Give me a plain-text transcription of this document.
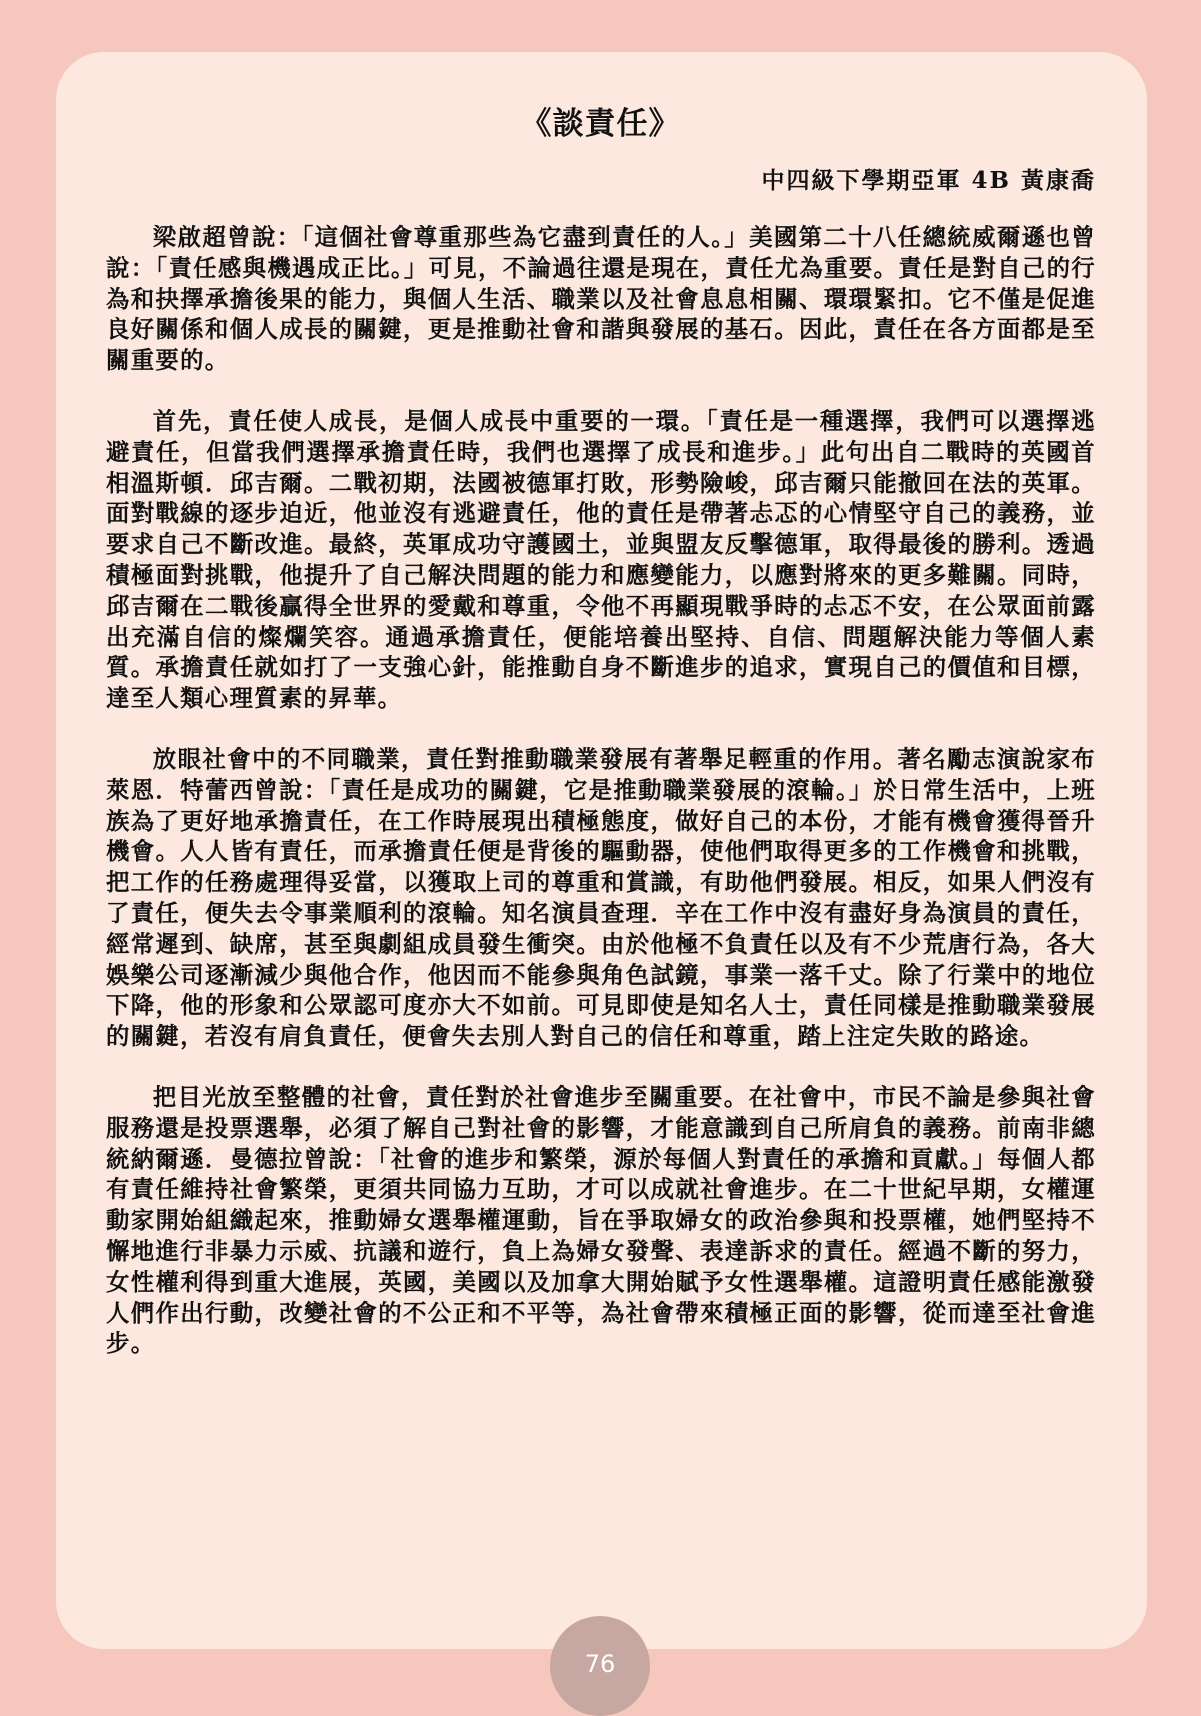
《談責任》
中四級下學期亞軍 4B 黃康喬

梁啟超曾說：「這個社會尊重那些為它盡到責任的人。」美國第二十八任總統威爾遜也曾說：「責任感與機遇成正比。」可見，不論過往還是現在，責任尤為重要。責任是對自己的行為和抉擇承擔後果的能力，與個人生活、職業以及社會息息相關、環環緊扣。它不僅是促進良好關係和個人成長的關鍵，更是推動社會和諧與發展的基石。因此，責任在各方面都是至關重要的。

首先，責任使人成長，是個人成長中重要的一環。「責任是一種選擇，我們可以選擇逃避責任，但當我們選擇承擔責任時，我們也選擇了成長和進步。」此句出自二戰時的英國首相溫斯頓．邱吉爾。二戰初期，法國被德軍打敗，形勢險峻，邱吉爾只能撤回在法的英軍。面對戰線的逐步迫近，他並沒有逃避責任，他的責任是帶著忐忑的心情堅守自己的義務，並要求自己不斷改進。最終，英軍成功守護國土，並與盟友反擊德軍，取得最後的勝利。透過積極面對挑戰，他提升了自己解決問題的能力和應變能力，以應對將來的更多難關。同時，邱吉爾在二戰後贏得全世界的愛戴和尊重，令他不再顯現戰爭時的忐忑不安，在公眾面前露出充滿自信的燦爛笑容。通過承擔責任，便能培養出堅持、自信、問題解決能力等個人素質。承擔責任就如打了一支強心針，能推動自身不斷進步的追求，實現自己的價值和目標，達至人類心理質素的昇華。

放眼社會中的不同職業，責任對推動職業發展有著舉足輕重的作用。著名勵志演說家布萊恩．特蕾西曾說：「責任是成功的關鍵，它是推動職業發展的滾輪。」於日常生活中，上班族為了更好地承擔責任，在工作時展現出積極態度，做好自己的本份，才能有機會獲得晉升機會。人人皆有責任，而承擔責任便是背後的驅動器，使他們取得更多的工作機會和挑戰，把工作的任務處理得妥當，以獲取上司的尊重和賞識，有助他們發展。相反，如果人們沒有了責任，便失去令事業順利的滾輪。知名演員查理．辛在工作中沒有盡好身為演員的責任，經常遲到、缺席，甚至與劇組成員發生衝突。由於他極不負責任以及有不少荒唐行為，各大娛樂公司逐漸減少與他合作，他因而不能參與角色試鏡，事業一落千丈。除了行業中的地位下降，他的形象和公眾認可度亦大不如前。可見即使是知名人士，責任同樣是推動職業發展的關鍵，若沒有肩負責任，便會失去別人對自己的信任和尊重，踏上注定失敗的路途。

把目光放至整體的社會，責任對於社會進步至關重要。在社會中，市民不論是參與社會服務還是投票選舉，必須了解自己對社會的影響，才能意識到自己所肩負的義務。前南非總統納爾遜．曼德拉曾說：「社會的進步和繁榮，源於每個人對責任的承擔和貢獻。」每個人都有責任維持社會繁榮，更須共同協力互助，才可以成就社會進步。在二十世紀早期，女權運動家開始組織起來，推動婦女選舉權運動，旨在爭取婦女的政治參與和投票權，她們堅持不懈地進行非暴力示威、抗議和遊行，負上為婦女發聲、表達訴求的責任。經過不斷的努力，女性權利得到重大進展，英國，美國以及加拿大開始賦予女性選舉權。這證明責任感能激發人們作出行動，改變社會的不公正和不平等，為社會帶來積極正面的影響，從而達至社會進步。

76
